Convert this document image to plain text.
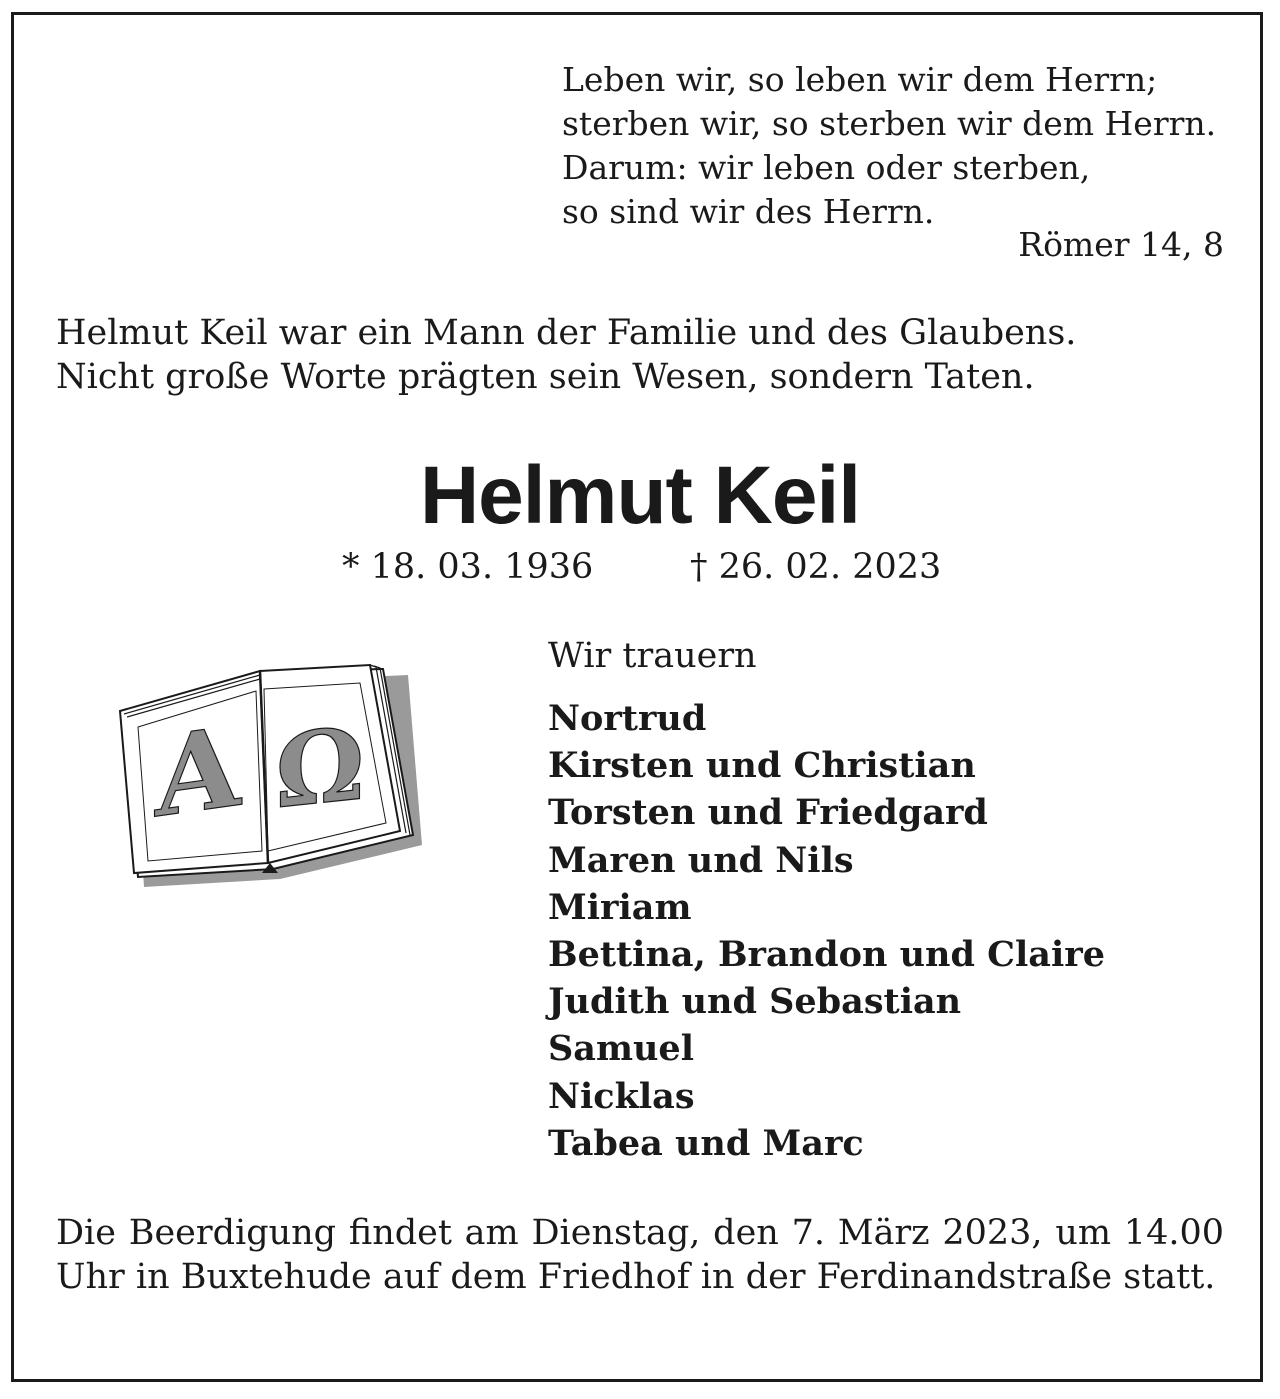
Leben wir, so leben wir dem Herrn;
sterben wir, so sterben wir dem Herrn.
Darum: wir leben oder sterben,
so sind wir des Herrn.
Römer 14, 8
Helmut Keil war ein Mann der Familie und des Glaubens.
Nicht große Worte prägten sein Wesen, sondern Taten.
Helmut Keil
* 18. 03. 1936	† 26. 02. 2023
A Ω
Wir trauern
Nortrud
Kirsten und Christian
Torsten und Friedgard
Maren und Nils
Miriam
Bettina, Brandon und Claire
Judith und Sebastian
Samuel
Nicklas
Tabea und Marc
Die Beerdigung findet am Dienstag, den 7. März 2023, um 14.00 Uhr in Buxtehude auf dem Friedhof in der Ferdinandstraße statt.
